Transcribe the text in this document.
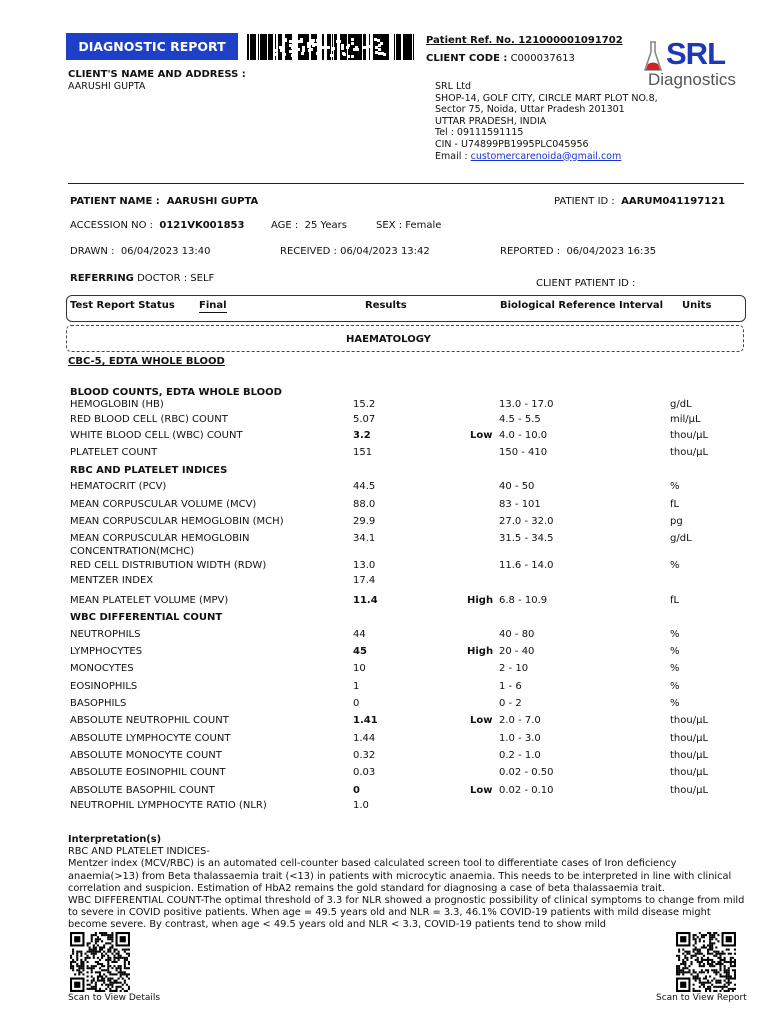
DIAGNOSTIC REPORT	Patient Ref. No. 121000001091702
CLIENT CODE : C000037613	SRL
Diagnostics
CLIENT'S NAME AND ADDRESS :
AARUSHI GUPTA	SRL Ltd
SHOP-14, GOLF CITY, CIRCLE MART PLOT NO.8,
Sector 75, Noida, Uttar Pradesh 201301
UTTAR PRADESH, INDIA
Tel : 09111591115
CIN - U74899PB1995PLC045956
Email : customercarenoida@gmail.com
PATIENT NAME : AARUSHI GUPTA	PATIENT ID : AARUM041197121
ACCESSION NO : 0121VK001853	AGE : 25 Years	SEX : Female
DRAWN : 06/04/2023 13:40	RECEIVED : 06/04/2023 13:42	REPORTED : 06/04/2023 16:35
REFERRING DOCTOR : SELF	CLIENT PATIENT ID :
Test Report Status Final	Results	Biological Reference Interval Units
HAEMATOLOGY
CBC-5, EDTA WHOLE BLOOD
BLOOD COUNTS, EDTA WHOLE BLOOD
HEMOGLOBIN (HB)	15.2	13.0 - 17.0	g/dL
RED BLOOD CELL (RBC) COUNT	5.07	4.5 - 5.5	mil/µL
WHITE BLOOD CELL (WBC) COUNT	3.2	Low 4.0 - 10.0	thou/µL
PLATELET COUNT	151	150 - 410	thou/µL
RBC AND PLATELET INDICES
HEMATOCRIT (PCV)	44.5	40 - 50	%
MEAN CORPUSCULAR VOLUME (MCV)	88.0	83 - 101	fL
MEAN CORPUSCULAR HEMOGLOBIN (MCH)	29.9	27.0 - 32.0	pg
MEAN CORPUSCULAR HEMOGLOBIN	34.1	31.5 - 34.5	g/dL
CONCENTRATION(MCHC)
RED CELL DISTRIBUTION WIDTH (RDW)	13.0	11.6 - 14.0	%
MENTZER INDEX	17.4
MEAN PLATELET VOLUME (MPV)	11.4	High 6.8 - 10.9	fL
WBC DIFFERENTIAL COUNT
NEUTROPHILS	44	40 - 80	%
LYMPHOCYTES	45	High 20 - 40	%
MONOCYTES	10	2 - 10	%
EOSINOPHILS	1	1 - 6	%
BASOPHILS	0	0 - 2	%
ABSOLUTE NEUTROPHIL COUNT	1.41	Low 2.0 - 7.0	thou/µL
ABSOLUTE LYMPHOCYTE COUNT	1.44	1.0 - 3.0	thou/µL
ABSOLUTE MONOCYTE COUNT	0.32	0.2 - 1.0	thou/µL
ABSOLUTE EOSINOPHIL COUNT	0.03	0.02 - 0.50	thou/µL
ABSOLUTE BASOPHIL COUNT	0	Low 0.02 - 0.10	thou/µL
NEUTROPHIL LYMPHOCYTE RATIO (NLR)	1.0
Interpretation(s)
RBC AND PLATELET INDICES-
Mentzer index (MCV/RBC) is an automated cell-counter based calculated screen tool to differentiate cases of Iron deficiency anaemia(>13) from Beta thalassaemia trait (<13) in patients with microcytic anaemia. This needs to be interpreted in line with clinical correlation and suspicion. Estimation of HbA2 remains the gold standard for diagnosing a case of beta thalassaemia trait.
WBC DIFFERENTIAL COUNT-The optimal threshold of 3.3 for NLR showed a prognostic possibility of clinical symptoms to change from mild to severe in COVID positive patients. When age = 49.5 years old and NLR = 3.3, 46.1% COVID-19 patients with mild disease might become severe. By contrast, when age < 49.5 years old and NLR < 3.3, COVID-19 patients tend to show mild
Scan to View Details	Scan to View Report
